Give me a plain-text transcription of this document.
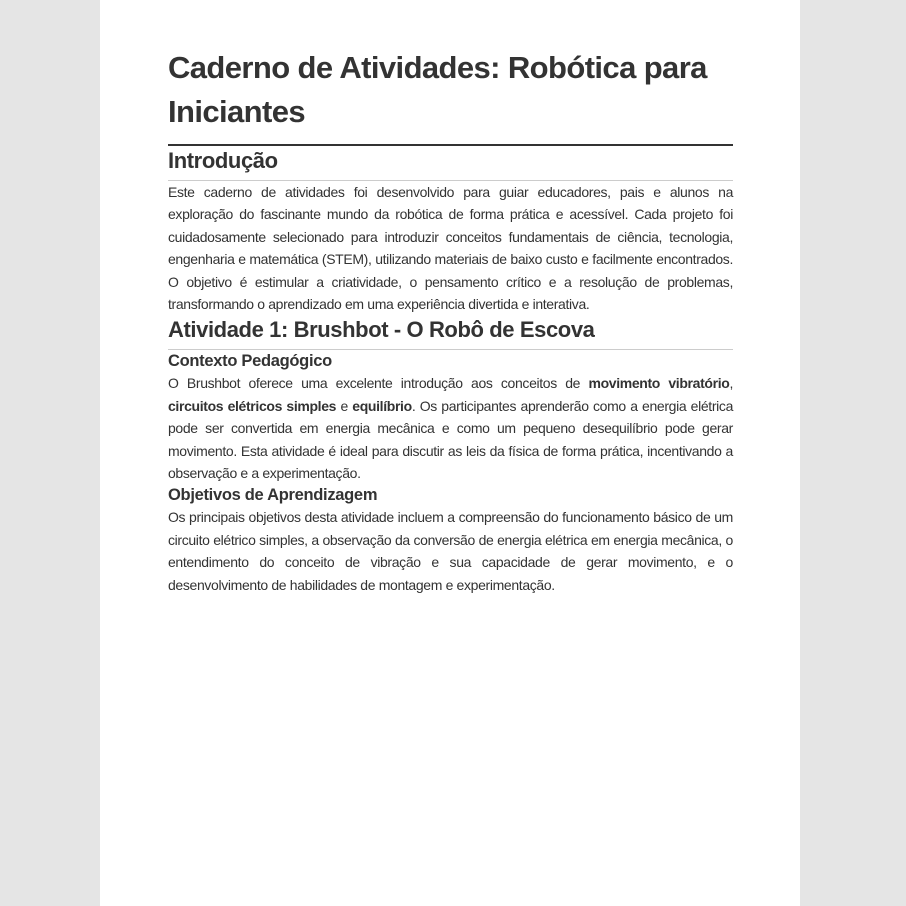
Caderno de Atividades: Robótica para Iniciantes
Introdução

Este caderno de atividades foi desenvolvido para guiar educadores, pais e alunos na exploração do fascinante mundo da robótica de forma prática e acessível. Cada projeto foi cuidadosamente selecionado para introduzir conceitos fundamentais de ciência, tecnologia, engenharia e matemática (STEM), utilizando materiais de baixo custo e facilmente encontrados. O objetivo é estimular a criatividade, o pensamento crítico e a resolução de problemas, transformando o aprendizado em uma experiência divertida e interativa.

Atividade 1: Brushbot - O Robô de Escova
Contexto Pedagógico

O Brushbot oferece uma excelente introdução aos conceitos de movimento vibratório, circuitos elétricos simples e equilíbrio. Os participantes aprenderão como a energia elétrica pode ser convertida em energia mecânica e como um pequeno desequilíbrio pode gerar movimento. Esta atividade é ideal para discutir as leis da física de forma prática, incentivando a observação e a experimentação.

Objetivos de Aprendizagem

Os principais objetivos desta atividade incluem a compreensão do funcionamento básico de um circuito elétrico simples, a observação da conversão de energia elétrica em energia mecânica, o entendimento do conceito de vibração e sua capacidade de gerar movimento, e o desenvolvimento de habilidades de montagem e experimentação.
